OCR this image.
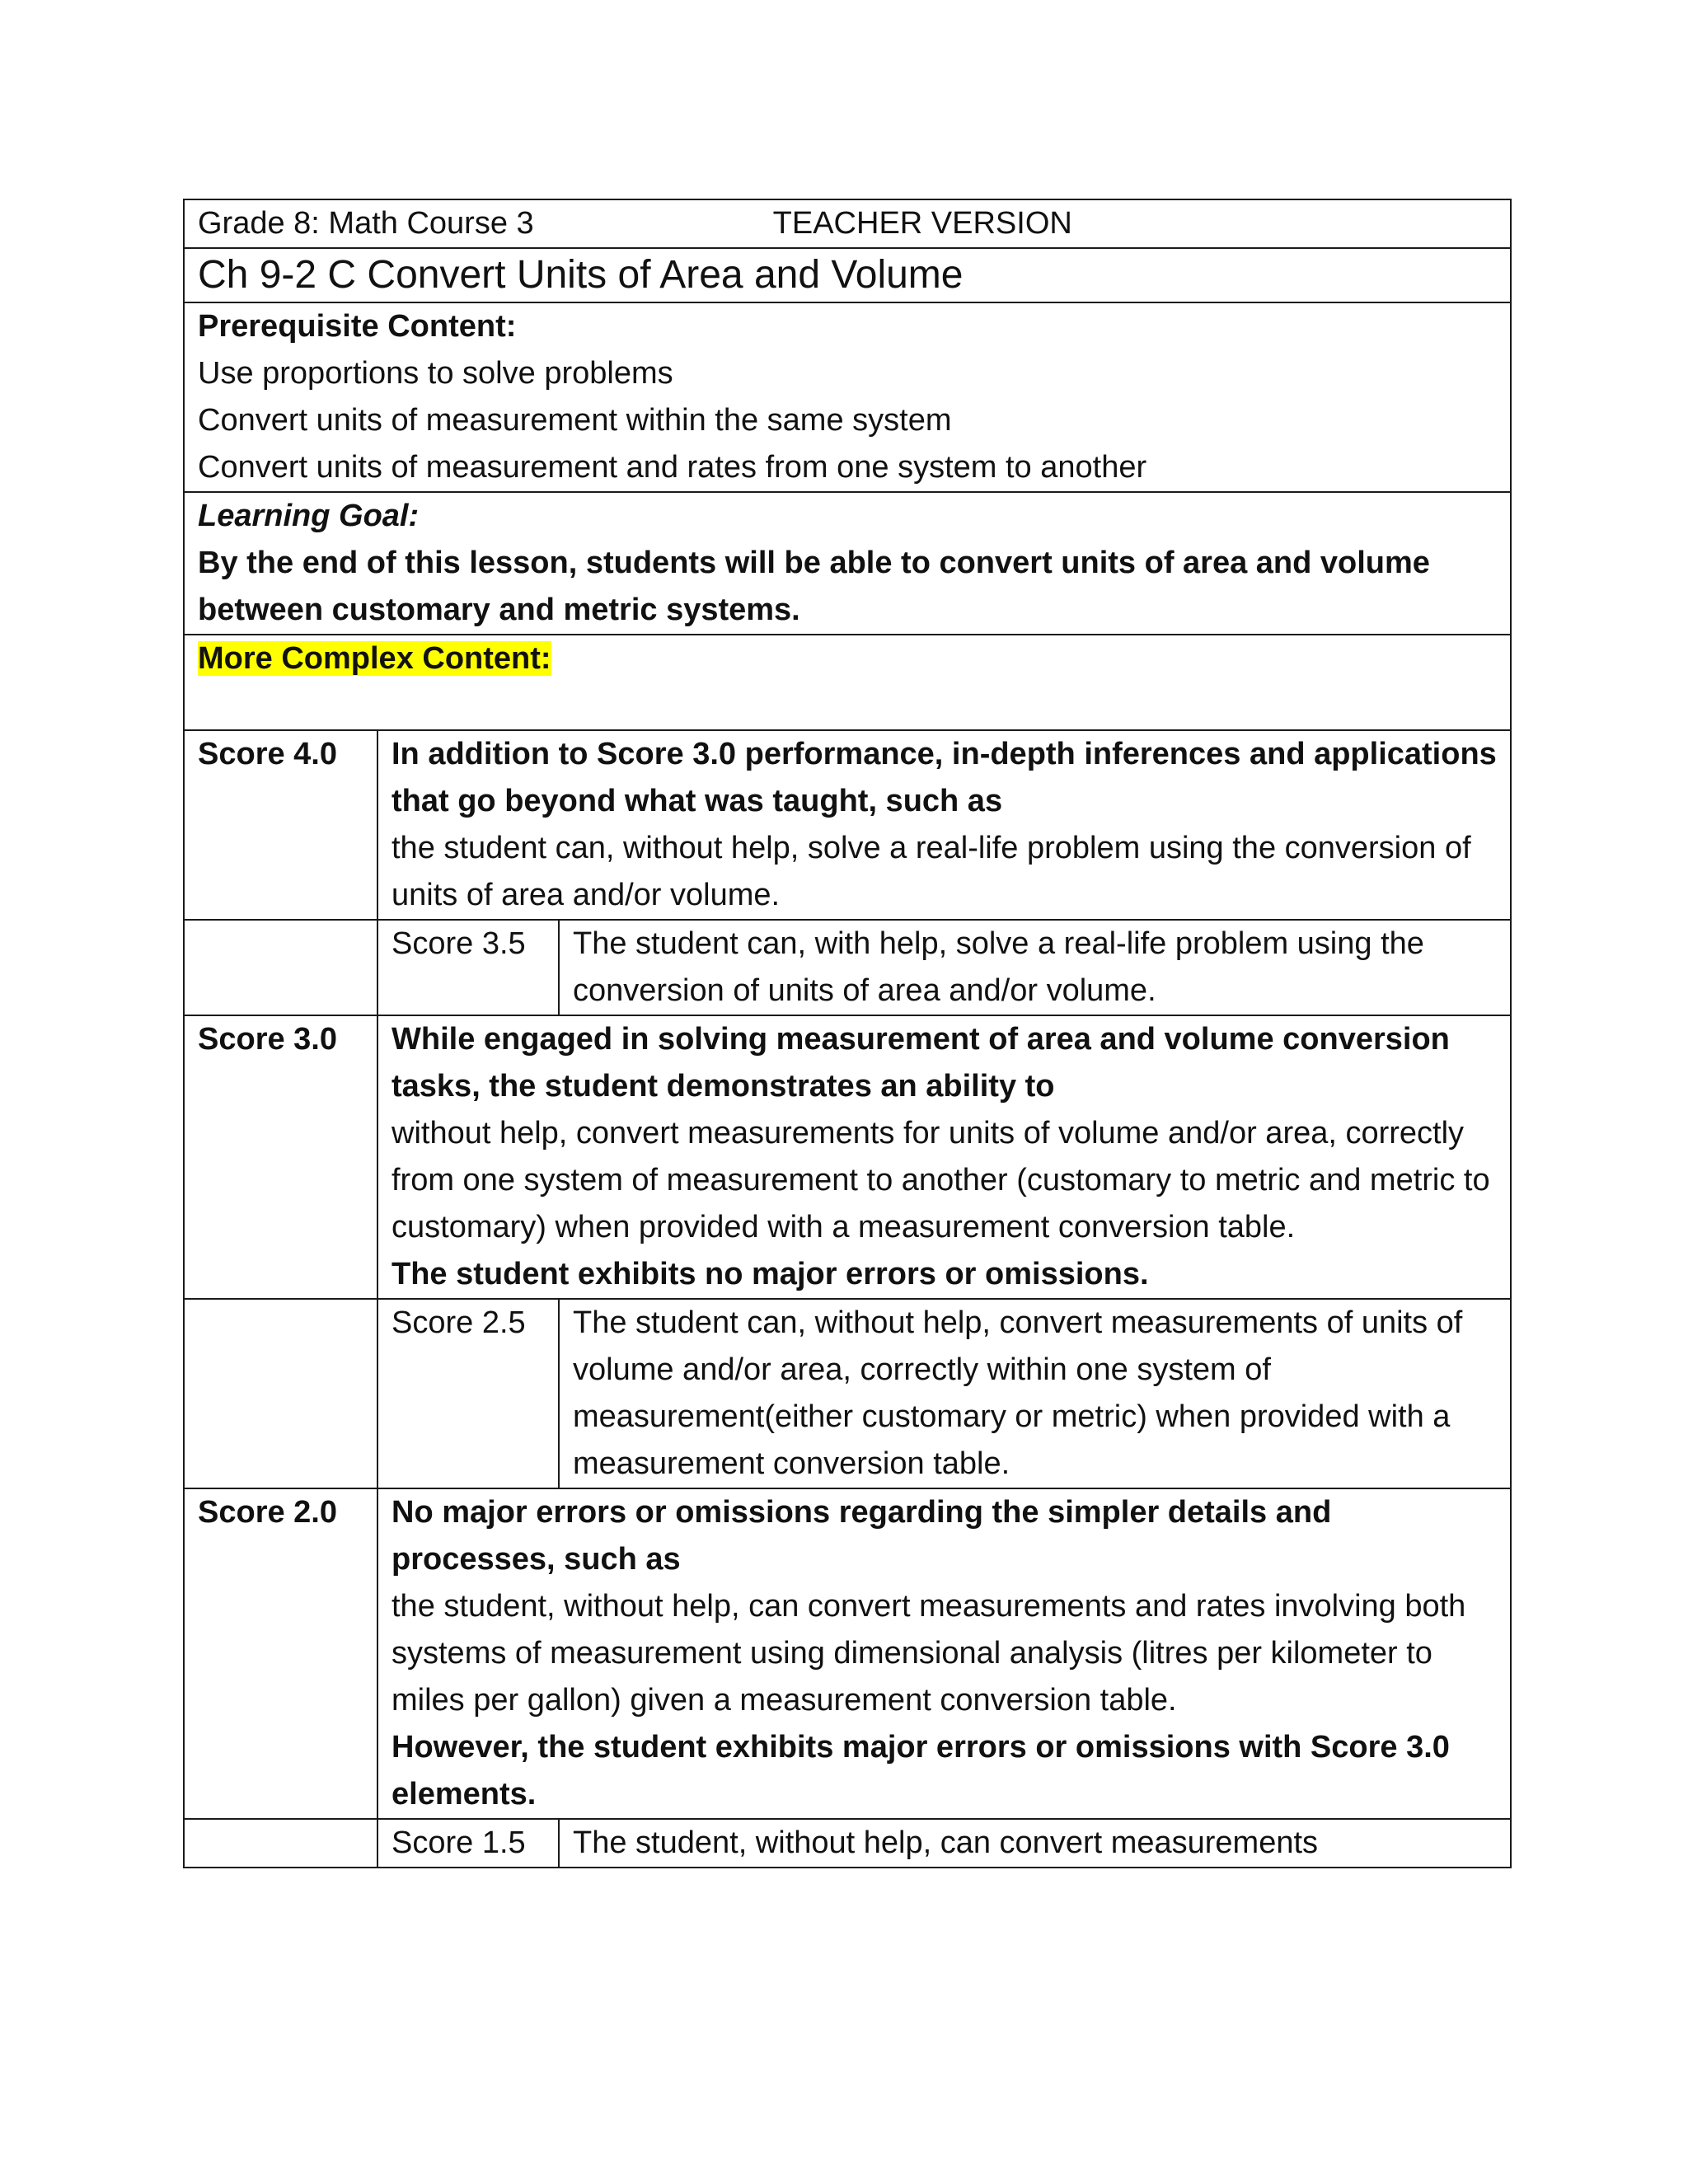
Grade 8: Math Course 3 TEACHER VERSION		
Ch 9-2 C Convert Units of Area and Volume		

Prerequisite Content:
Use proportions to solve problems
Convert units of measurement within the same system
Convert units of measurement and rates from one system to another		

Learning Goal:
By the end of this lesson, students will be able to convert units of area and volume between customary and metric systems.		

More Complex Content:		

Score 4.0	In addition to Score 3.0 performance, in-depth inferences and applications that go beyond what was taught, such as
the student can, without help, solve a real-life problem using the conversion of units of area and/or volume.	

	Score 3.5	The student can, with help, solve a real-life problem using the conversion of units of area and/or volume.
Score 3.0	While engaged in solving measurement of area and volume conversion tasks, the student demonstrates an ability to
without help, convert measurements for units of volume and/or area, correctly from one system of measurement to another (customary to metric and metric to customary) when provided with a measurement conversion table.
The student exhibits no major errors or omissions.	

	Score 2.5	The student can, without help, convert measurements of units of volume and/or area, correctly within one system of measurement(either customary or metric) when provided with a measurement conversion table.
Score 2.0	No major errors or omissions regarding the simpler details and processes, such as
the student, without help, can convert measurements and rates involving both systems of measurement using dimensional analysis (litres per kilometer to miles per gallon) given a measurement conversion table.
However, the student exhibits major errors or omissions with Score 3.0 elements.	

	Score 1.5	The student, without help, can convert measurements
